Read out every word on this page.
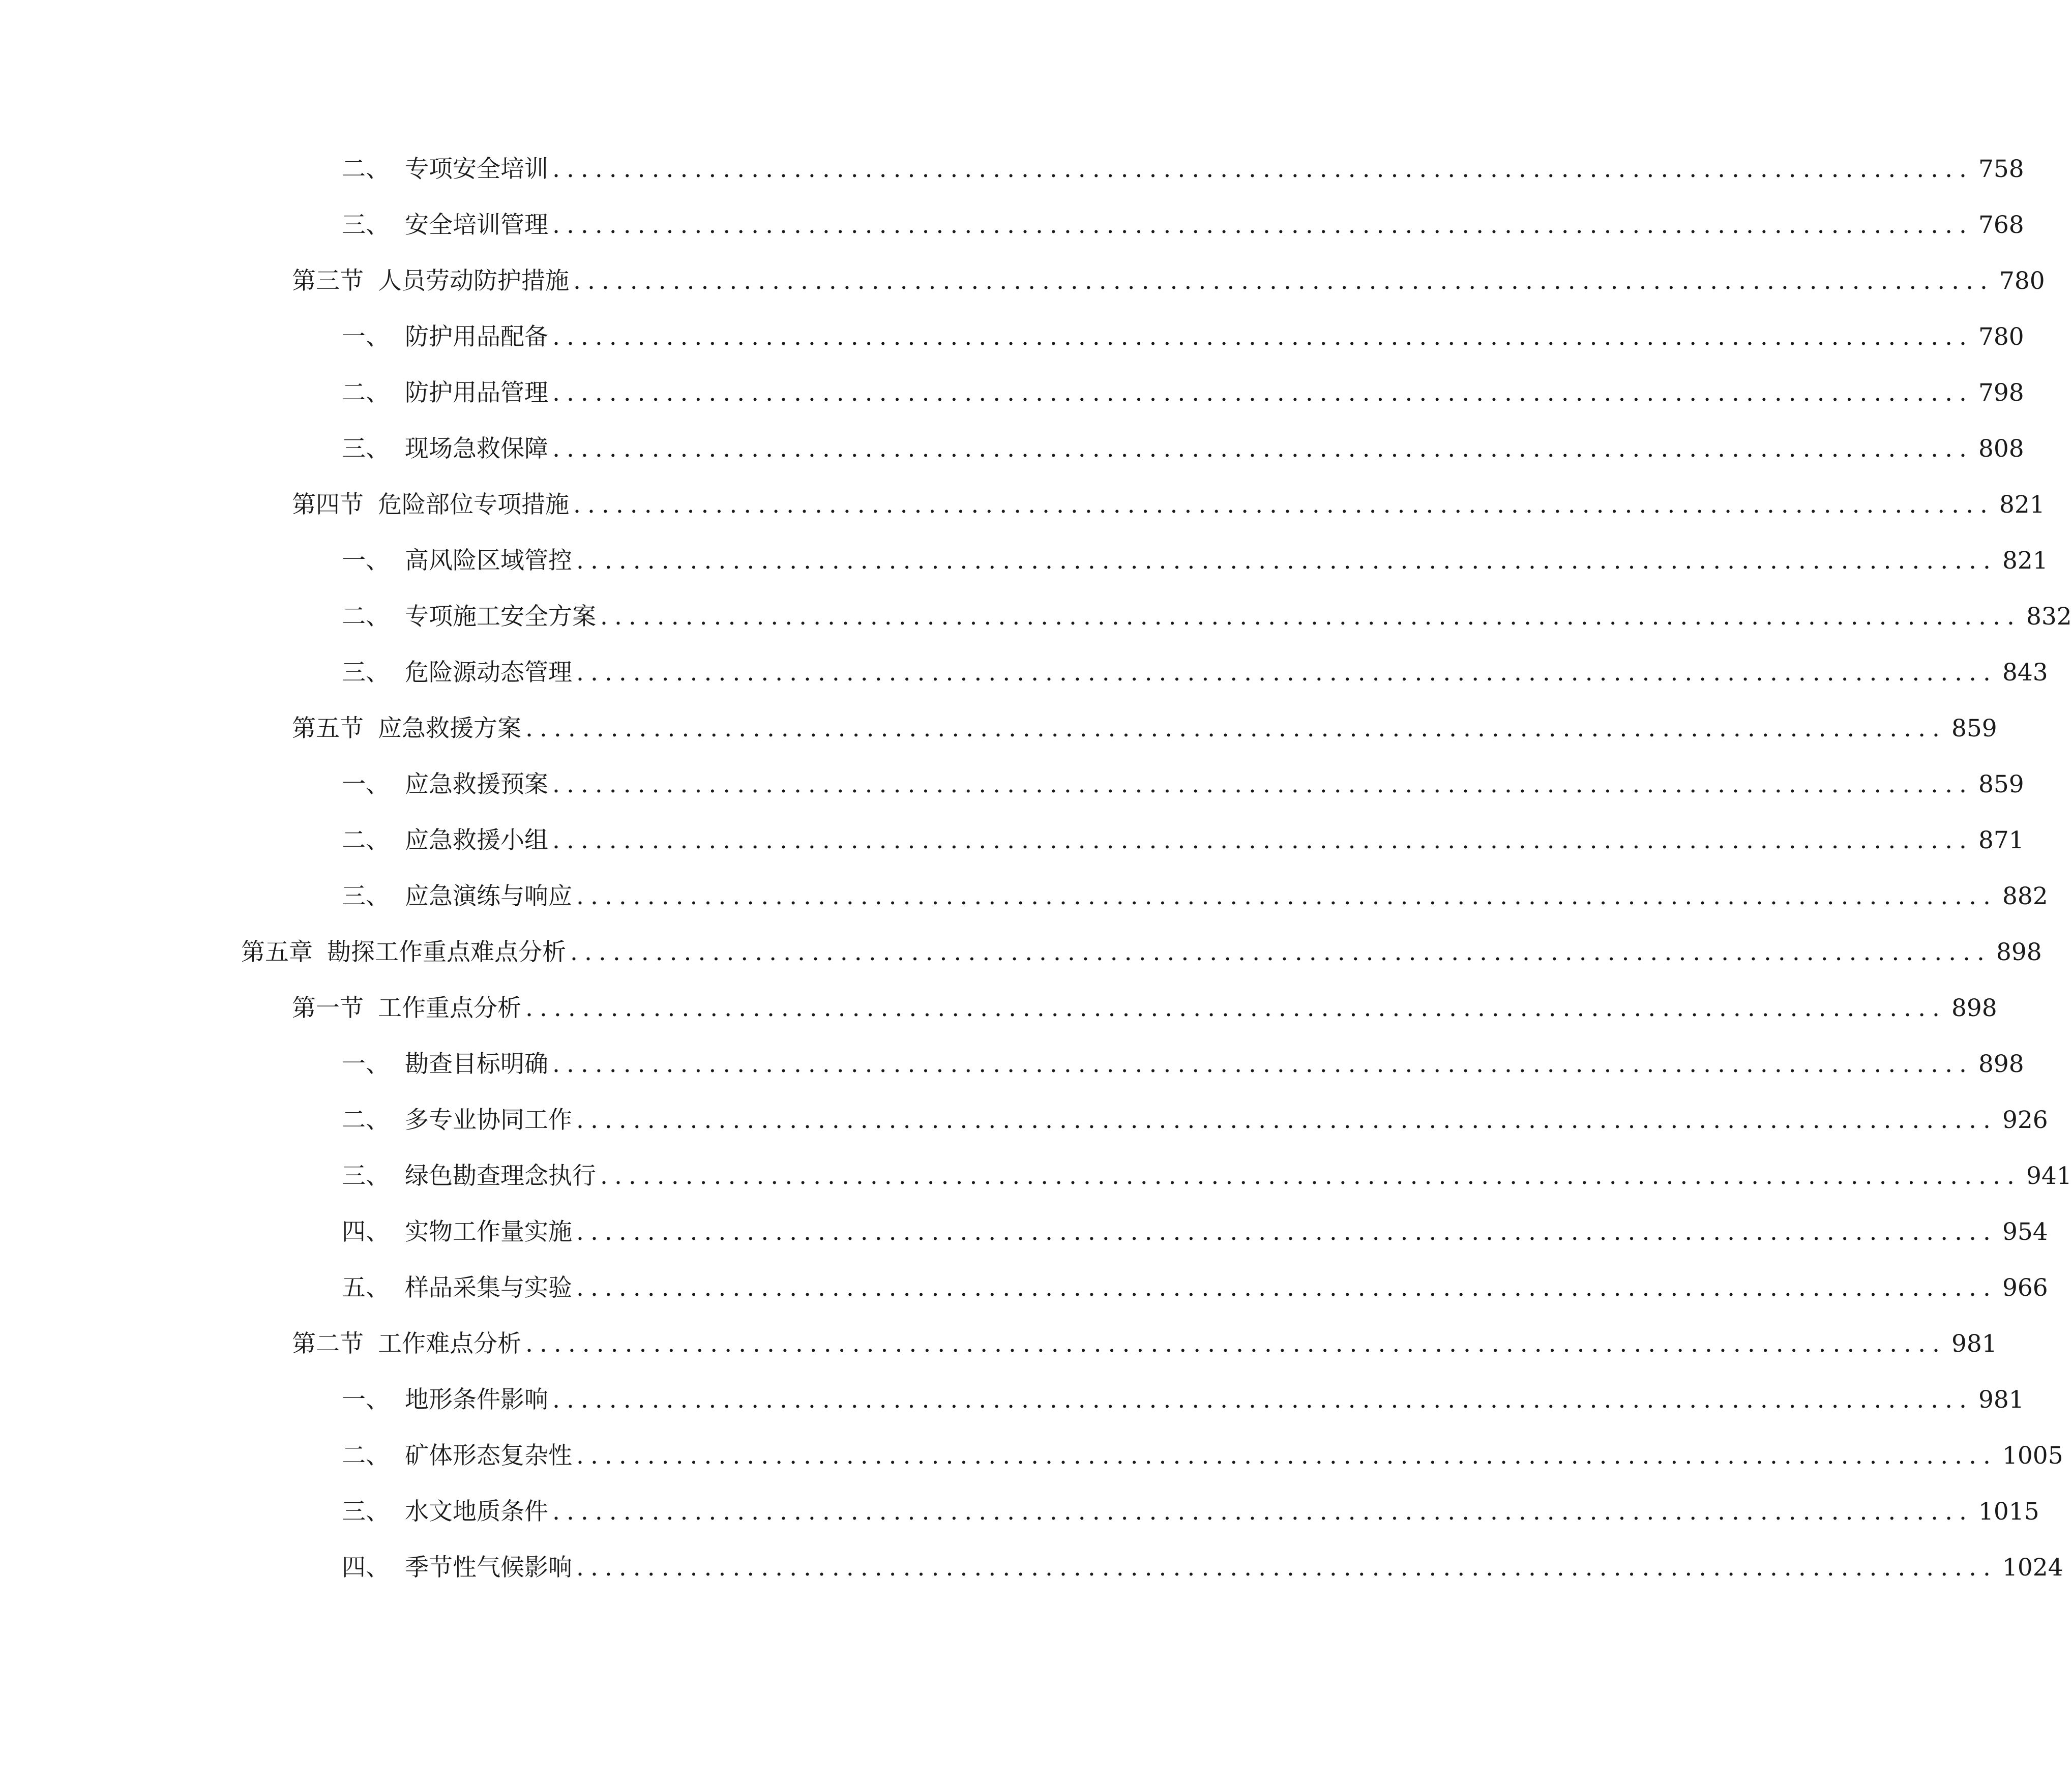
二、 专项安全培训 .................................................................................................... 758
三、 安全培训管理 .................................................................................................... 768
第三节 人员劳动防护措施 .................................................................................................... 780
一、 防护用品配备 .................................................................................................... 780
二、 防护用品管理 .................................................................................................... 798
三、 现场急救保障 .................................................................................................... 808
第四节 危险部位专项措施 .................................................................................................... 821
一、 高风险区域管控 .................................................................................................... 821
二、 专项施工安全方案 .................................................................................................... 832
三、 危险源动态管理 .................................................................................................... 843
第五节 应急救援方案 .................................................................................................... 859
一、 应急救援预案 .................................................................................................... 859
二、 应急救援小组 .................................................................................................... 871
三、 应急演练与响应 .................................................................................................... 882
第五章 勘探工作重点难点分析 .................................................................................................... 898
第一节 工作重点分析 .................................................................................................... 898
一、 勘查目标明确 .................................................................................................... 898
二、 多专业协同工作 .................................................................................................... 926
三、 绿色勘查理念执行 .................................................................................................... 941
四、 实物工作量实施 .................................................................................................... 954
五、 样品采集与实验 .................................................................................................... 966
第二节 工作难点分析 .................................................................................................... 981
一、 地形条件影响 .................................................................................................... 981
二、 矿体形态复杂性 .................................................................................................... 1005
三、 水文地质条件 .................................................................................................... 1015
四、 季节性气候影响 .................................................................................................... 1024
